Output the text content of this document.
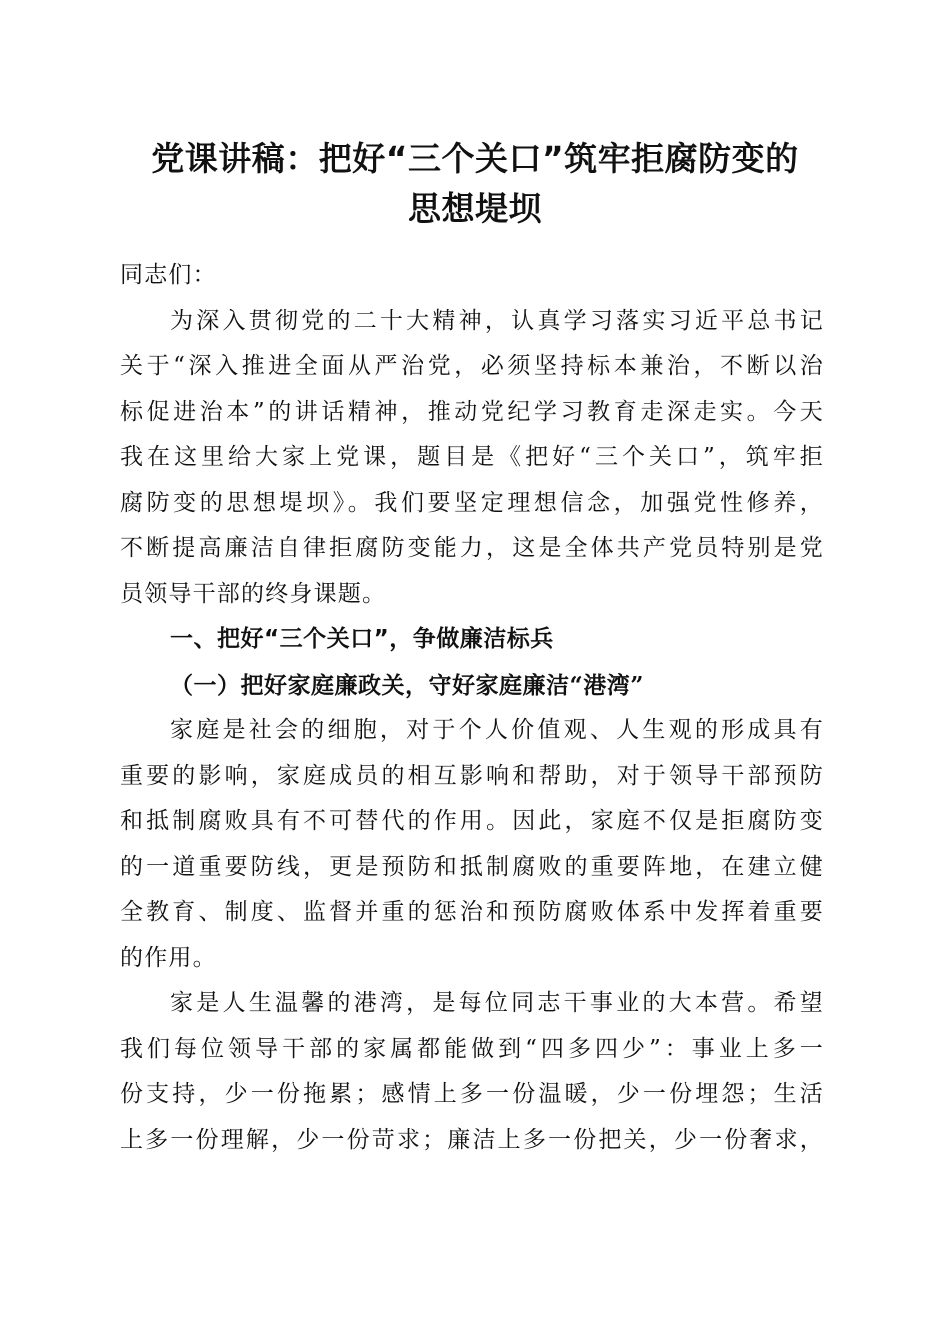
党课讲稿：把好“三个关口”筑牢拒腐防变的
思想堤坝
同志们：
为深入贯彻党的二十大精神，认真学习落实习近平总书记
关于“深入推进全面从严治党，必须坚持标本兼治，不断以治
标促进治本”的讲话精神，推动党纪学习教育走深走实。今天
我在这里给大家上党课，题目是《把好“三个关口”，筑牢拒
腐防变的思想堤坝》。我们要坚定理想信念，加强党性修养，
不断提高廉洁自律拒腐防变能力，这是全体共产党员特别是党
员领导干部的终身课题。
一、把好“三个关口”，争做廉洁标兵
（一）把好家庭廉政关，守好家庭廉洁“港湾”
家庭是社会的细胞，对于个人价值观、人生观的形成具有
重要的影响，家庭成员的相互影响和帮助，对于领导干部预防
和抵制腐败具有不可替代的作用。因此，家庭不仅是拒腐防变
的一道重要防线，更是预防和抵制腐败的重要阵地，在建立健
全教育、制度、监督并重的惩治和预防腐败体系中发挥着重要
的作用。
家是人生温馨的港湾，是每位同志干事业的大本营。希望
我们每位领导干部的家属都能做到“四多四少”：事业上多一
份支持，少一份拖累；感情上多一份温暖，少一份埋怨；生活
上多一份理解，少一份苛求；廉洁上多一份把关，少一份奢求，
